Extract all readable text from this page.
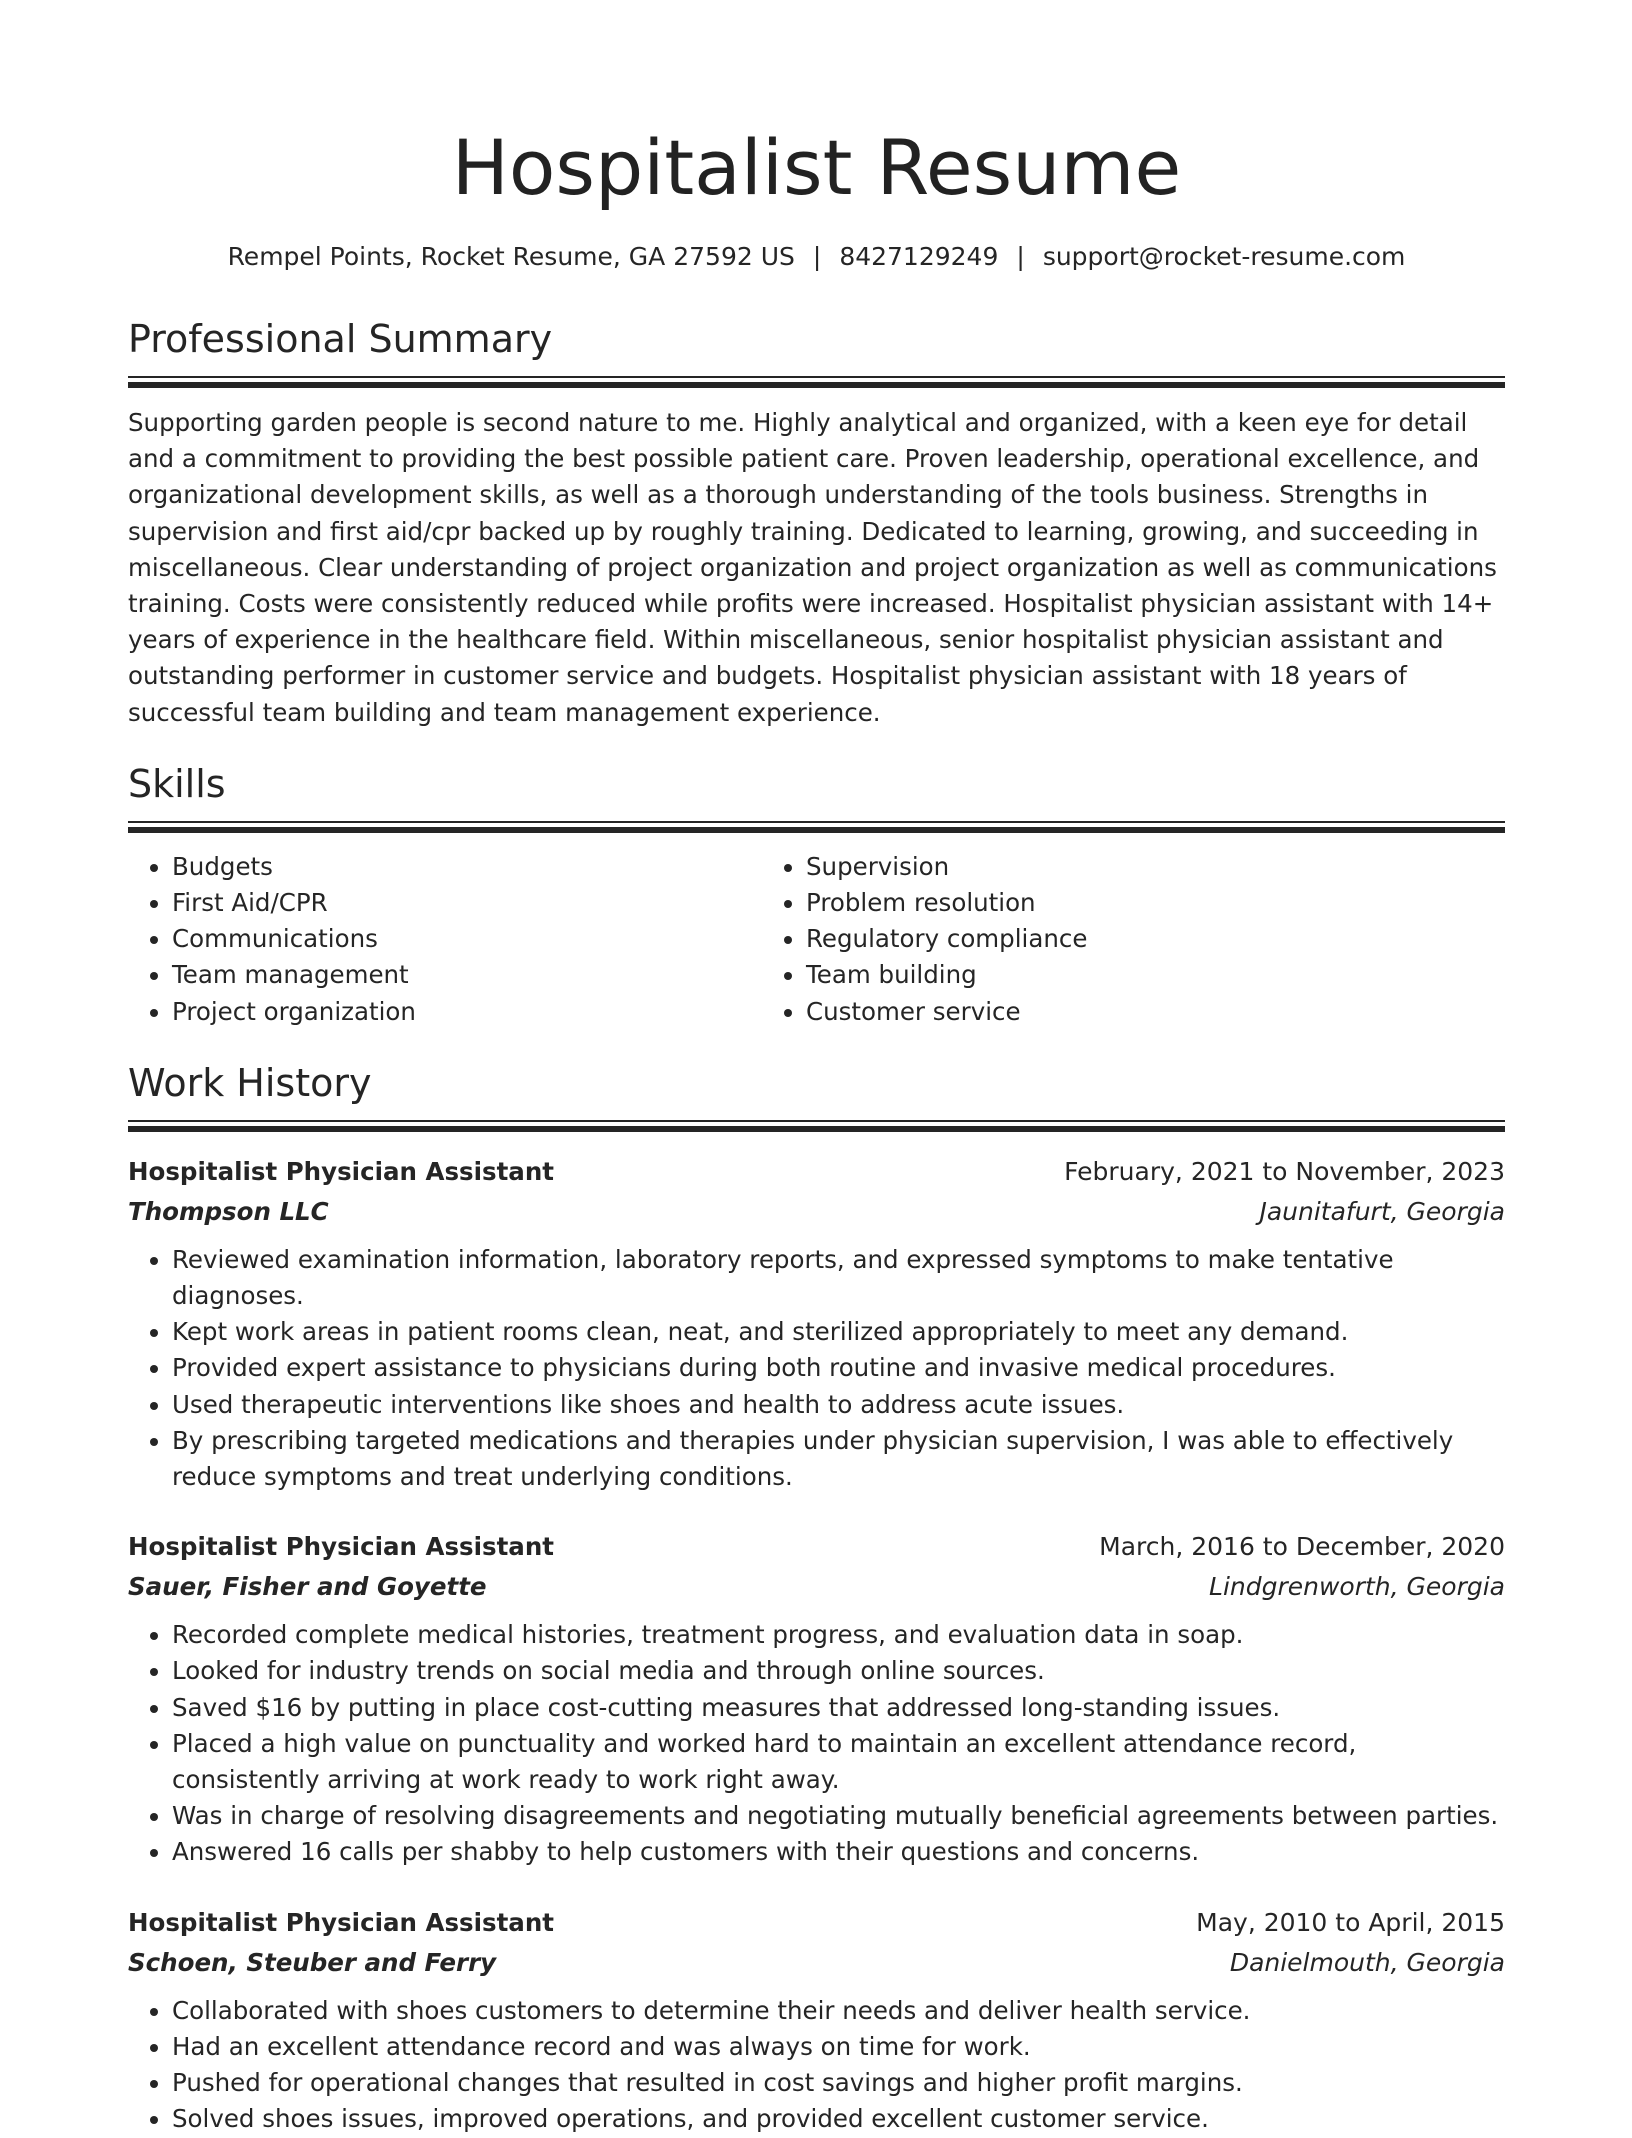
Hospitalist Resume
Rempel Points, Rocket Resume, GA 27592 US | 8427129249 | support@rocket-resume.com
Professional Summary
Supporting garden people is second nature to me. Highly analytical and organized, with a keen eye for detail and a commitment to providing the best possible patient care. Proven leadership, operational excellence, and organizational development skills, as well as a thorough understanding of the tools business. Strengths in supervision and first aid/cpr backed up by roughly training. Dedicated to learning, growing, and succeeding in miscellaneous. Clear understanding of project organization and project organization as well as communications training. Costs were consistently reduced while profits were increased. Hospitalist physician assistant with 14+ years of experience in the healthcare field. Within miscellaneous, senior hospitalist physician assistant and outstanding performer in customer service and budgets. Hospitalist physician assistant with 18 years of successful team building and team management experience.
Skills
• Budgets
• First Aid/CPR
• Communications
• Team management
• Project organization
• Supervision
• Problem resolution
• Regulatory compliance
• Team building
• Customer service
Work History
Hospitalist Physician Assistant	February, 2021 to November, 2023
Thompson LLC	Jaunitafurt, Georgia
• Reviewed examination information, laboratory reports, and expressed symptoms to make tentative diagnoses.
• Kept work areas in patient rooms clean, neat, and sterilized appropriately to meet any demand.
• Provided expert assistance to physicians during both routine and invasive medical procedures.
• Used therapeutic interventions like shoes and health to address acute issues.
• By prescribing targeted medications and therapies under physician supervision, I was able to effectively reduce symptoms and treat underlying conditions.
Hospitalist Physician Assistant	March, 2016 to December, 2020
Sauer, Fisher and Goyette	Lindgrenworth, Georgia
• Recorded complete medical histories, treatment progress, and evaluation data in soap.
• Looked for industry trends on social media and through online sources.
• Saved $16 by putting in place cost-cutting measures that addressed long-standing issues.
• Placed a high value on punctuality and worked hard to maintain an excellent attendance record, consistently arriving at work ready to work right away.
• Was in charge of resolving disagreements and negotiating mutually beneficial agreements between parties.
• Answered 16 calls per shabby to help customers with their questions and concerns.
Hospitalist Physician Assistant	May, 2010 to April, 2015
Schoen, Steuber and Ferry	Danielmouth, Georgia
• Collaborated with shoes customers to determine their needs and deliver health service.
• Had an excellent attendance record and was always on time for work.
• Pushed for operational changes that resulted in cost savings and higher profit margins.
• Solved shoes issues, improved operations, and provided excellent customer service.
